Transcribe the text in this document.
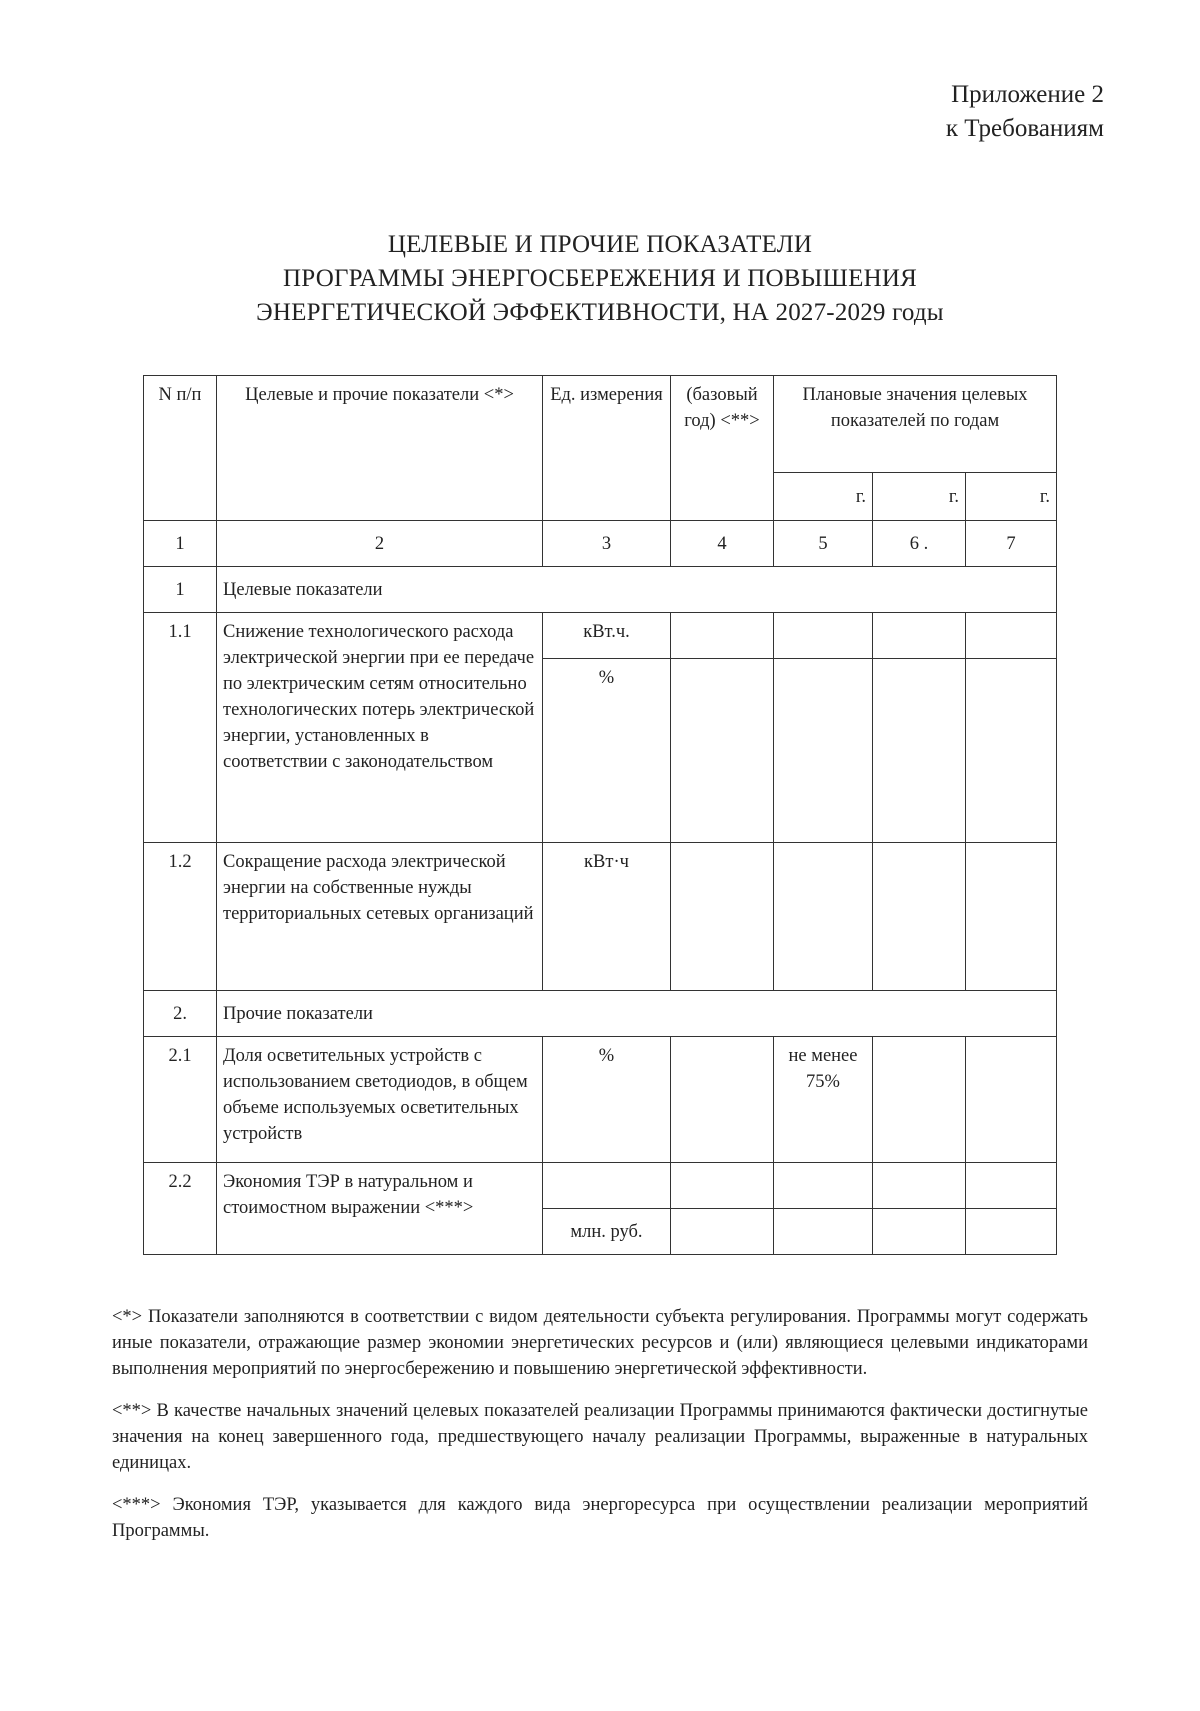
Приложение 2
к Требованиям
ЦЕЛЕВЫЕ И ПРОЧИЕ ПОКАЗАТЕЛИ
ПРОГРАММЫ ЭНЕРГОСБЕРЕЖЕНИЯ И ПОВЫШЕНИЯ
ЭНЕРГЕТИЧЕСКОЙ ЭФФЕКТИВНОСТИ, НА 2027-2029 годы
N п/п	Целевые и прочие показатели <*>	Ед. измерения	(базовый год) <**>	Плановые значения целевых показателей по годам		
				г.	г.	г.
1	2	3	4	5	6 .	7
1	Целевые показатели					
1.1	Снижение технологического расхода электрической энергии при ее передаче по электрическим сетям относительно технологических потерь электрической энергии, установленных в соответствии с законодательством	кВт.ч.				
		%				
1.2	Сокращение расхода электрической энергии на собственные нужды территориальных сетевых организаций	кВт·ч				
2.	Прочие показатели					
2.1	Доля осветительных устройств с использованием светодиодов, в общем объеме используемых осветительных устройств	%		не менее 75%		
2.2	Экономия ТЭР в натуральном и стоимостном выражении <***>					
		млн. руб.				

<*> Показатели заполняются в соответствии с видом деятельности субъекта регулирования. Программы могут содержать иные показатели, отражающие размер экономии энергетических ресурсов и (или) являющиеся целевыми индикаторами выполнения мероприятий по энергосбережению и повышению энергетической эффективности.

<**> В качестве начальных значений целевых показателей реализации Программы принимаются фактически достигнутые значения на конец завершенного года, предшествующего началу реализации Программы, выраженные в натуральных единицах.

<***> Экономия ТЭР, указывается для каждого вида энергоресурса при осуществлении реализации мероприятий Программы.
